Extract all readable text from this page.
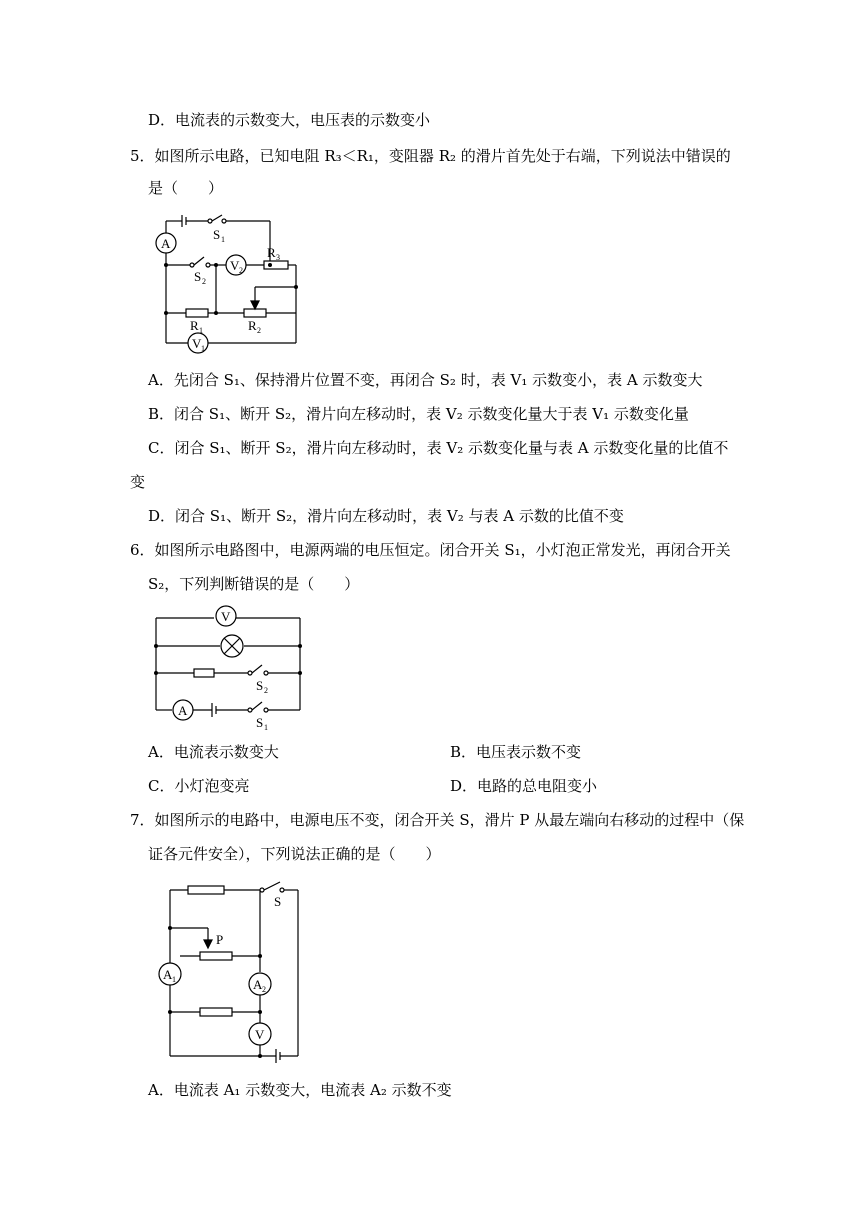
D．电流表的示数变大，电压表的示数变小
5．如图所示电路，已知电阻 R₃＜R₁，变阻器 R₂ 的滑片首先处于右端，下列说法中错误的
是（　　）
A
S 1
S 2
V 2
R 3
R 1	R 2
V 1
A．先闭合 S₁、保持滑片位置不变，再闭合 S₂ 时，表 V₁ 示数变小，表 A 示数变大
B．闭合 S₁、断开 S₂，滑片向左移动时，表 V₂ 示数变化量大于表 V₁ 示数变化量
C．闭合 S₁、断开 S₂，滑片向左移动时，表 V₂ 示数变化量与表 A 示数变化量的比值不
变
D．闭合 S₁、断开 S₂，滑片向左移动时，表 V₂ 与表 A 示数的比值不变
6．如图所示电路图中，电源两端的电压恒定。闭合开关 S₁，小灯泡正常发光，再闭合开关
S₂，下列判断错误的是（　　）
V
A
S 2
S 1
A．电流表示数变大	B．电压表示数不变
C．小灯泡变亮	D．电路的总电阻变小
7．如图所示的电路中，电源电压不变，闭合开关 S，滑片 P 从最左端向右移动的过程中（保
证各元件安全），下列说法正确的是（　　）
S
P
A 1	A 2
V
A．电流表 A₁ 示数变大，电流表 A₂ 示数不变
